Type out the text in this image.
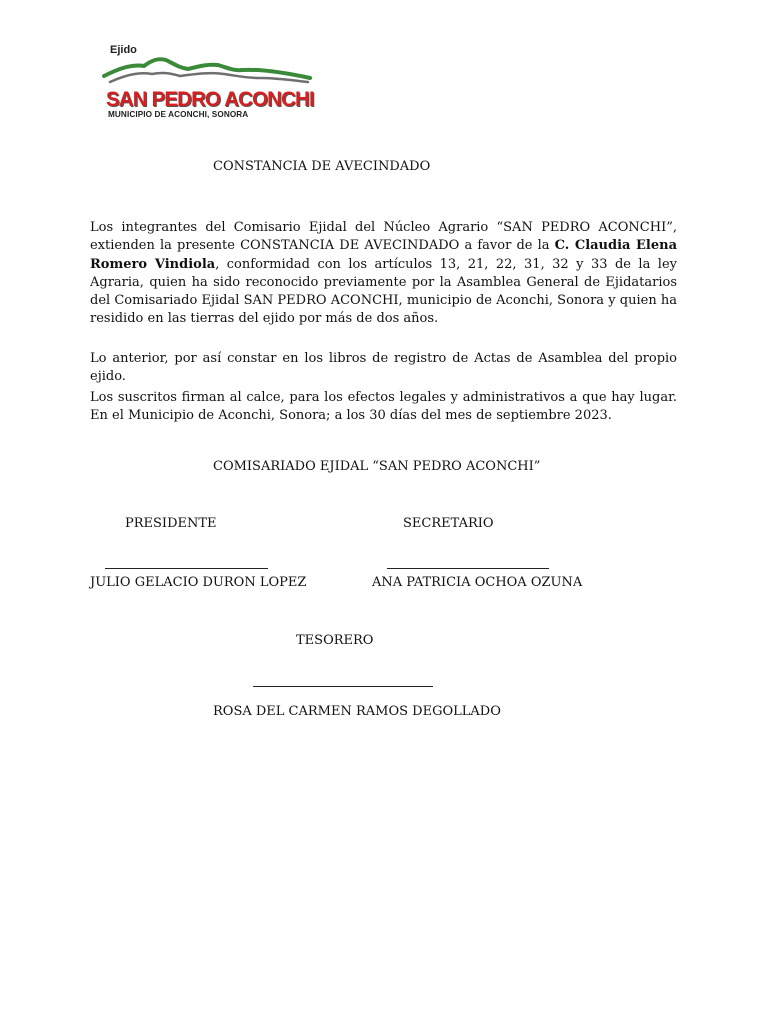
Ejido
SAN PEDRO ACONCHI
MUNICIPIO DE ACONCHI, SONORA
CONSTANCIA DE AVECINDADO

Los integrantes del Comisario Ejidal del Núcleo Agrario “SAN PEDRO ACONCHI”, extienden la presente CONSTANCIA DE AVECINDADO a favor de la C. Claudia Elena Romero Vindiola, conformidad con los artículos 13, 21, 22, 31, 32 y 33 de la ley Agraria, quien ha sido reconocido previamente por la Asamblea General de Ejidatarios del Comisariado Ejidal SAN PEDRO ACONCHI, municipio de Aconchi, Sonora y quien ha residido en las tierras del ejido por más de dos años.

Lo anterior, por así constar en los libros de registro de Actas de Asamblea del propio ejido.

Los suscritos firman al calce, para los efectos legales y administrativos a que hay lugar. En el Municipio de Aconchi, Sonora; a los 30 días del mes de septiembre 2023.

COMISARIADO EJIDAL “SAN PEDRO ACONCHI”
PRESIDENTE	SECRETARIO
JULIO GELACIO DURON LOPEZ	ANA PATRICIA OCHOA OZUNA
TESORERO
ROSA DEL CARMEN RAMOS DEGOLLADO
